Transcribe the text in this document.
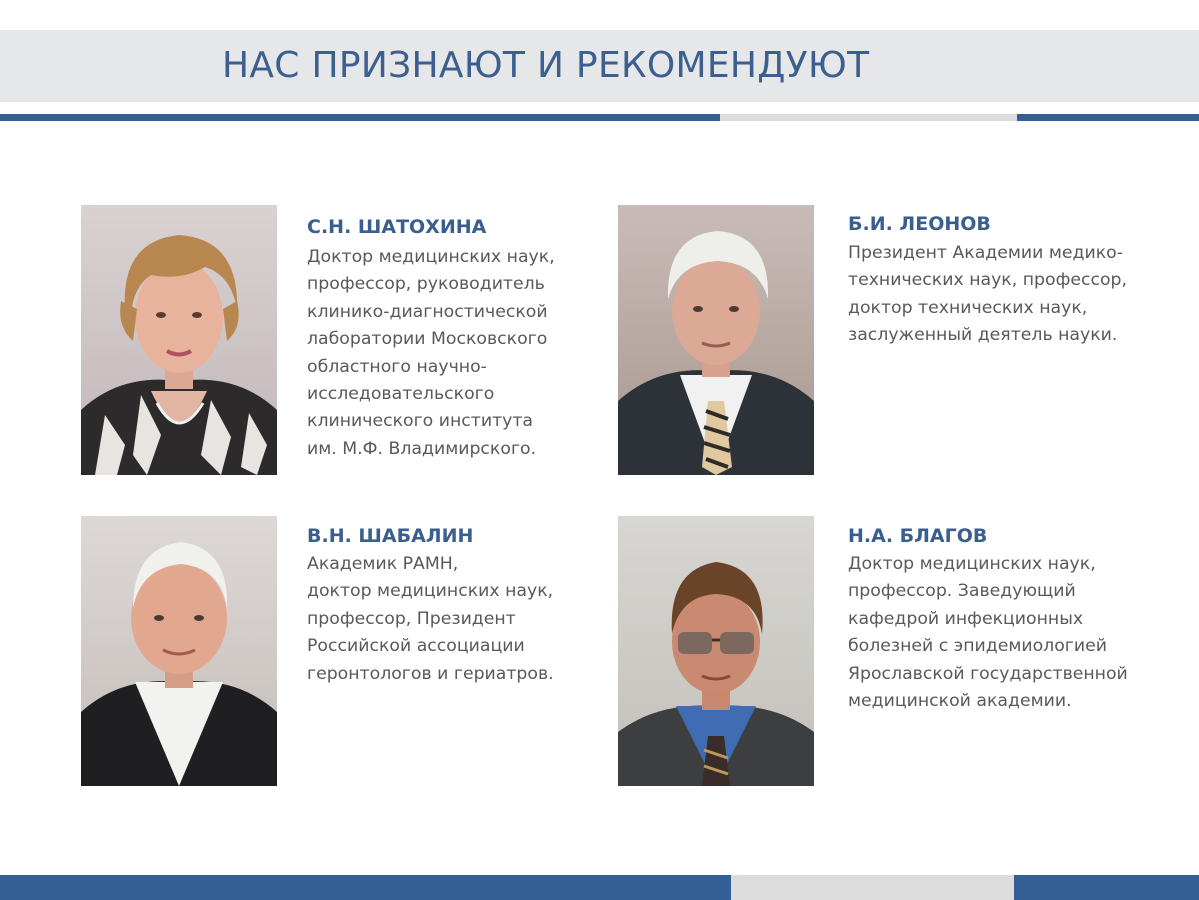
НАС ПРИЗНАЮТ И РЕКОМЕНДУЮТ

С.Н. ШАТОХИНА

Доктор медицинских наук,
профессор, руководитель
клинико-диагностической
лаборатории Московского
областного научно-
исследовательского
клинического института
им. М.Ф. Владимирского.

Б.И. ЛЕОНОВ

Президент Академии медико-
технических наук, профессор,
доктор технических наук,
заслуженный деятель науки.

В.Н. ШАБАЛИН

Академик РАМН,
доктор медицинских наук,
профессор, Президент
Российской ассоциации
геронтологов и гериатров.

Н.А. БЛАГОВ

Доктор медицинских наук,
профессор. Заведующий
кафедрой инфекционных
болезней с эпидемиологией
Ярославской государственной
медицинской академии.
